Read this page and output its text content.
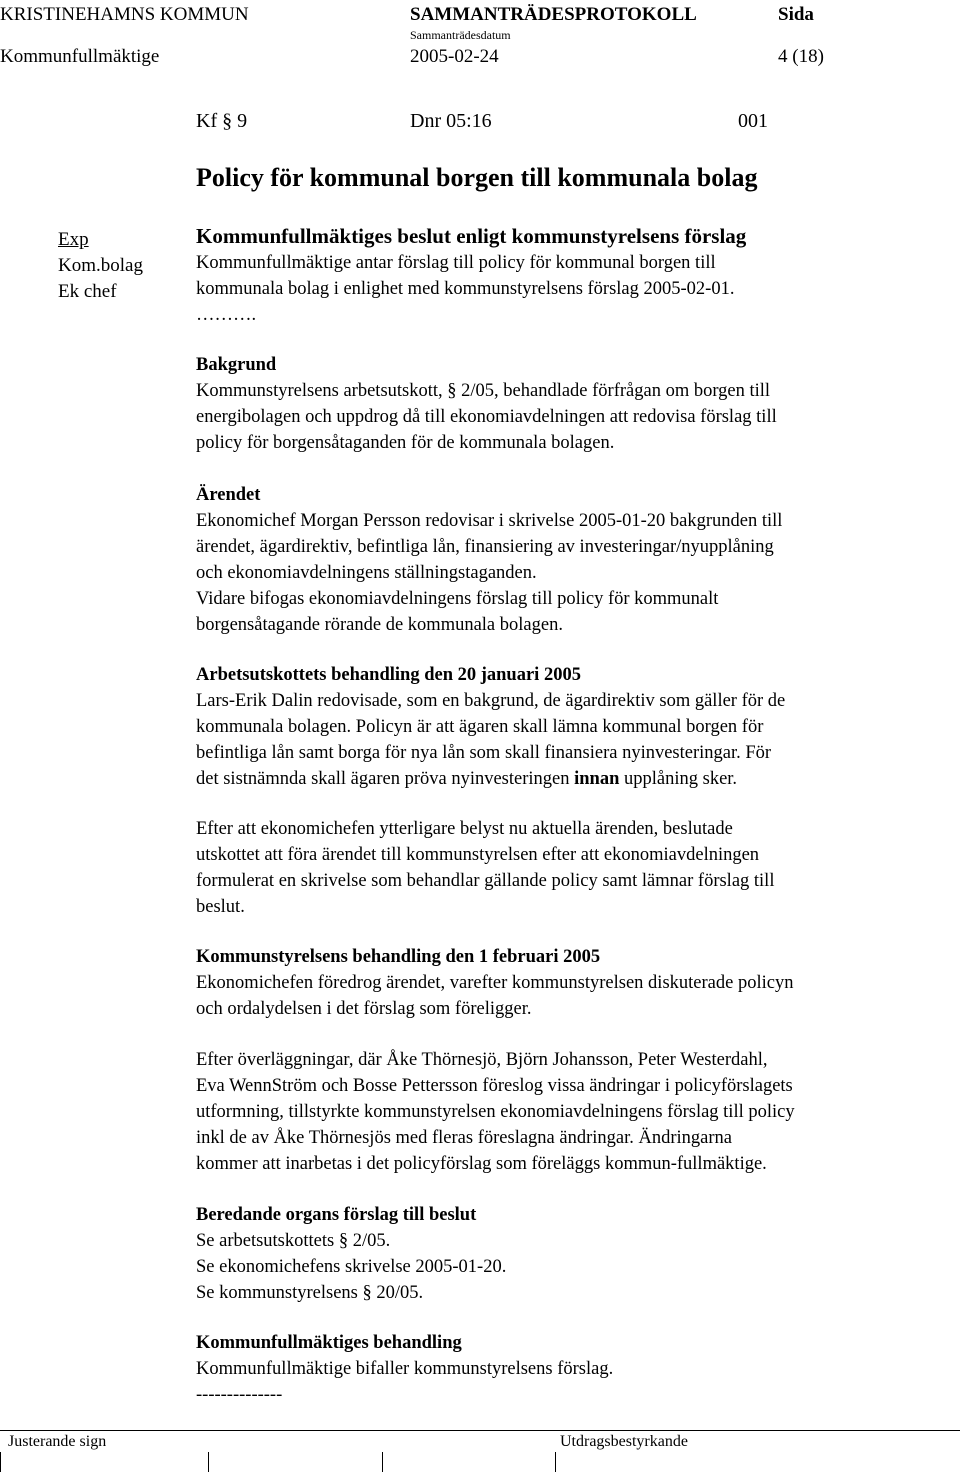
KRISTINEHAMNS KOMMUN	SAMMANTRÄDESPROTOKOLL	Sida
Sammanträdesdatum
Kommunfullmäktige	2005-02-24	4 (18)
Kf § 9	Dnr 05:16	001
Policy för kommunal borgen till kommunala bolag
Exp
Kom.bolag
Ek chef

Kommunfullmäktiges beslut enligt kommunstyrelsens förslag

Kommunfullmäktige antar förslag till policy för kommunal borgen till

kommunala bolag i enlighet med kommunstyrelsens förslag 2005-02-01.

……….

Bakgrund

Kommunstyrelsens arbetsutskott, § 2/05, behandlade förfrågan om borgen till

energibolagen och uppdrog då till ekonomiavdelningen att redovisa förslag till

policy för borgensåtaganden för de kommunala bolagen.

Ärendet

Ekonomichef Morgan Persson redovisar i skrivelse 2005-01-20 bakgrunden till

ärendet, ägardirektiv, befintliga lån, finansiering av investeringar/nyupplåning

och ekonomiavdelningens ställningstaganden.

Vidare bifogas ekonomiavdelningens förslag till policy för kommunalt

borgensåtagande rörande de kommunala bolagen.

Arbetsutskottets behandling den 20 januari 2005

Lars-Erik Dalin redovisade, som en bakgrund, de ägardirektiv som gäller för de

kommunala bolagen. Policyn är att ägaren skall lämna kommunal borgen för

befintliga lån samt borga för nya lån som skall finansiera nyinvesteringar. För

det sistnämnda skall ägaren pröva nyinvesteringen innan upplåning sker.

Efter att ekonomichefen ytterligare belyst nu aktuella ärenden, beslutade

utskottet att föra ärendet till kommunstyrelsen efter att ekonomiavdelningen

formulerat en skrivelse som behandlar gällande policy samt lämnar förslag till

beslut.

Kommunstyrelsens behandling den 1 februari 2005

Ekonomichefen föredrog ärendet, varefter kommunstyrelsen diskuterade policyn

och ordalydelsen i det förslag som föreligger.

Efter överläggningar, där Åke Thörnesjö, Björn Johansson, Peter Westerdahl,

Eva WennStröm och Bosse Pettersson föreslog vissa ändringar i policyförslagets

utformning, tillstyrkte kommunstyrelsen ekonomiavdelningens förslag till policy

inkl de av Åke Thörnesjös med fleras föreslagna ändringar. Ändringarna

kommer att inarbetas i det policyförslag som föreläggs kommun-fullmäktige.

Beredande organs förslag till beslut

Se arbetsutskottets § 2/05.

Se ekonomichefens skrivelse 2005-01-20.

Se kommunstyrelsens § 20/05.

Kommunfullmäktiges behandling

Kommunfullmäktige bifaller kommunstyrelsens förslag.

--------------

Justerande sign	Utdragsbestyrkande
